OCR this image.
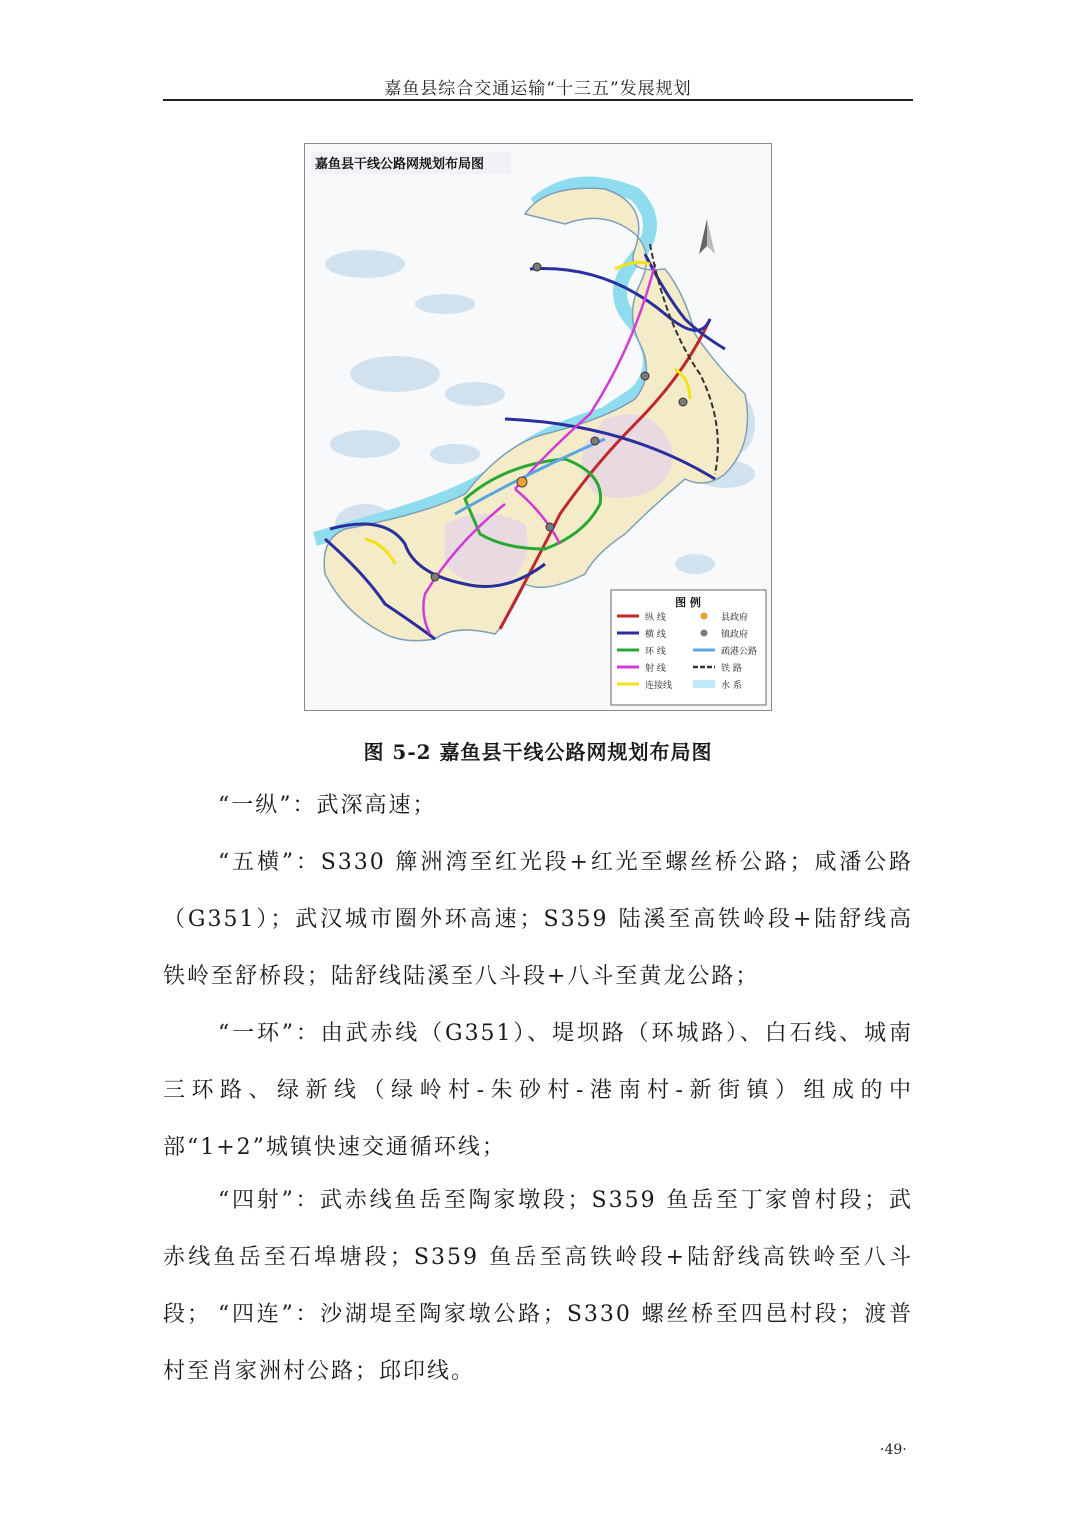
嘉鱼县综合交通运输“十三五”发展规划
嘉鱼县干线公路网规划布局图
图 例
纵 线
横 线
环 线
射 线
连接线
县政府
镇政府
疏港公路
铁 路
水 系
图 5-2 嘉鱼县干线公路网规划布局图
“一纵”：武深高速；
“五横”：S330 簰洲湾至红光段+红光至螺丝桥公路；咸潘公路（G351）；武汉城市圈外环高速；S359 陆溪至高铁岭段+陆舒线高铁岭至舒桥段；陆舒线陆溪至八斗段+八斗至黄龙公路；
“一环”：由武赤线（G351）、堤坝路（环城路）、白石线、城南三环路、绿新线（绿岭村-朱砂村-港南村-新街镇）组成的中部“1+2”城镇快速交通循环线；
“四射”：武赤线鱼岳至陶家墩段；S359 鱼岳至丁家曾村段；武赤线鱼岳至石埠塘段；S359 鱼岳至高铁岭段+陆舒线高铁岭至八斗段； “四连”：沙湖堤至陶家墩公路；S330 螺丝桥至四邑村段；渡普村至肖家洲村公路；邱印线。
·49·
